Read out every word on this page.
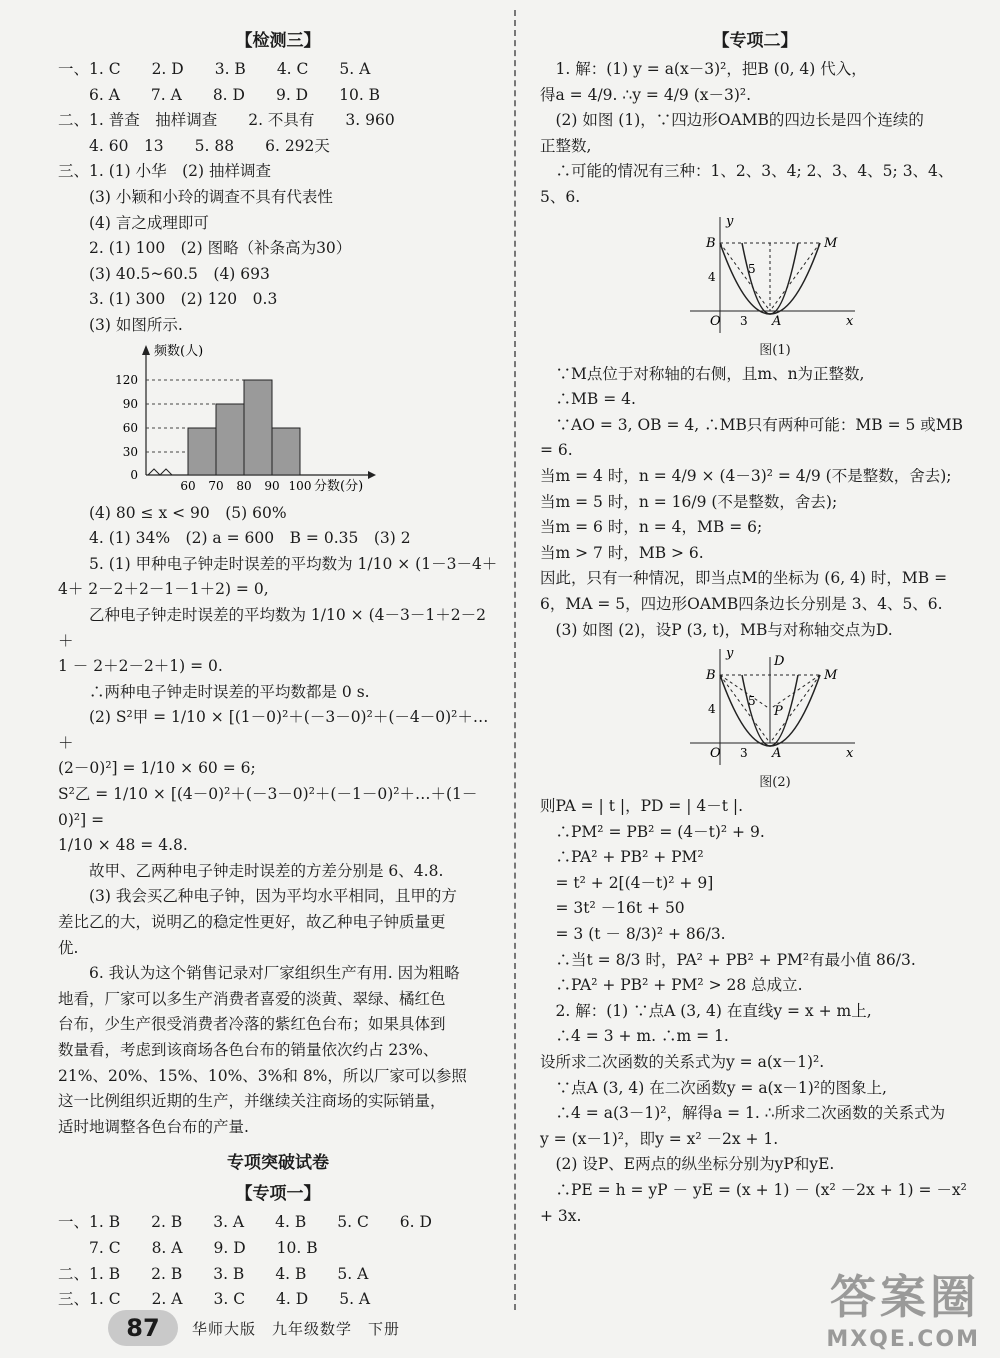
【检测三】
一、1. C　　2. D　　3. B　　4. C　　5. A
　　6. A　　7. A　　8. D　　9. D　　10. B
二、1. 普查　抽样调查　　2. 不具有　　3. 960
　　4. 60　13　　5. 88　　6. 292天
三、1. (1) 小华　(2) 抽样调查
　　(3) 小颖和小玲的调查不具有代表性
　　(4) 言之成理即可
　　2. (1) 100　(2) 图略（补条高为30）
　　(3) 40.5~60.5　(4) 693
　　3. (1) 300　(2) 120　0.3
　　(3) 如图所示.
0
30
60
90
120
60 70 80 90 100
频数(人)
分数(分)
　　(4) 80 ≤ x < 90　(5) 60%
　　4. (1) 34%　(2) a = 600　B = 0.35　(3) 2
　　5. (1) 甲种电子钟走时误差的平均数为 1/10 × (1－3－4＋
4＋ 2－2＋2－1－1＋2) = 0,
　　乙种电子钟走时误差的平均数为 1/10 × (4－3－1＋2－2＋
1 － 2＋2－2＋1) = 0.
　　∴两种电子钟走时误差的平均数都是 0 s.
　　(2) S²甲 = 1/10 × [(1－0)²＋(－3－0)²＋(－4－0)²＋…＋
(2－0)²] = 1/10 × 60 = 6;
S²乙 = 1/10 × [(4－0)²＋(－3－0)²＋(－1－0)²＋…＋(1－0)²] =
1/10 × 48 = 4.8.
　　故甲、乙两种电子钟走时误差的方差分别是 6、4.8.
　　(3) 我会买乙种电子钟，因为平均水平相同，且甲的方
差比乙的大，说明乙的稳定性更好，故乙种电子钟质量更
优.
　　6. 我认为这个销售记录对厂家组织生产有用. 因为粗略
地看，厂家可以多生产消费者喜爱的淡黄、翠绿、橘红色
台布，少生产很受消费者冷落的紫红色台布；如果具体到
数量看，考虑到该商场各色台布的销量依次约占 23%、
21%、20%、15%、10%、3%和 8%，所以厂家可以参照
这一比例组织近期的生产，并继续关注商场的实际销量，
适时地调整各色台布的产量.
专项突破试卷
【专项一】
一、1. B　　2. B　　3. A　　4. B　　5. C　　6. D
　　7. C　　8. A　　9. D　　10. B
二、1. B　　2. B　　3. B　　4. B　　5. A
三、1. C　　2. A　　3. C　　4. D　　5. A
【专项二】
　1. 解：(1) y = a(x－3)²，把B (0, 4) 代入，
得a = 4/9. ∴y = 4/9 (x－3)².
　(2) 如图 (1)，∵四边形OAMB的四边长是四个连续的
正整数,
　∴可能的情况有三种：1、2、3、4; 2、3、4、5; 3、4、
5、6.
y
x
B	M
O	A
3
4
5
图(1)
　∵M点位于对称轴的右侧，且m、n为正整数,
　∴MB = 4.
　∵AO = 3, OB = 4, ∴MB只有两种可能：MB = 5 或MB
= 6.
当m = 4 时，n = 4/9 × (4－3)² = 4/9 (不是整数，舍去);
当m = 5 时，n = 16/9 (不是整数，舍去);
当m = 6 时，n = 4，MB = 6;
当m > 7 时，MB > 6.
因此，只有一种情况，即当点M的坐标为 (6, 4) 时，MB =
6，MA = 5，四边形OAMB四条边长分别是 3、4、5、6.
　(3) 如图 (2)，设P (3, t)，MB与对称轴交点为D.
y
x
B	M
D
P
O	A
3
4
5
图(2)
则PA = | t |，PD = | 4－t |.
　∴PM² = PB² = (4－t)² + 9.
　∴PA² + PB² + PM²
　= t² + 2[(4－t)² + 9]
　= 3t² －16t + 50
　= 3 (t － 8/3)² + 86/3.
　∴当t = 8/3 时，PA² + PB² + PM²有最小值 86/3.
　∴PA² + PB² + PM² > 28 总成立.
　2. 解：(1) ∵点A (3, 4) 在直线y = x + m上,
　∴4 = 3 + m. ∴m = 1.
设所求二次函数的关系式为y = a(x－1)².
　∵点A (3, 4) 在二次函数y = a(x－1)²的图象上,
　∴4 = a(3－1)²，解得a = 1. ∴所求二次函数的关系式为
y = (x－1)²，即y = x² －2x + 1.
　(2) 设P、E两点的纵坐标分别为yP和yE.
　∴PE = h = yP － yE = (x + 1) － (x² －2x + 1) = －x² + 3x.
87	华师大版　九年级数学　下册
答案圈
MXQE.COM
